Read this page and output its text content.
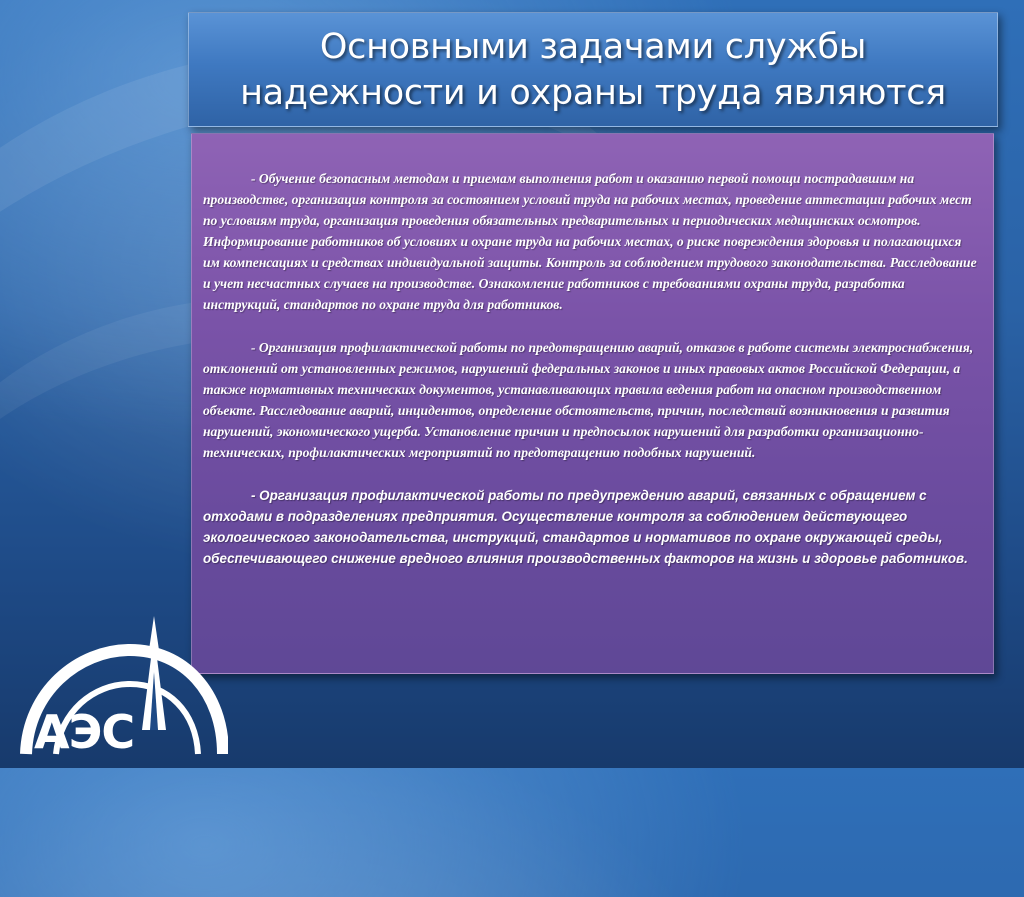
Основными задачами службы
надежности и охраны труда являются

- Обучение безопасным методам и приемам выполнения работ и оказанию первой помощи пострадавшим на производстве, организация контроля за состоянием условий труда на рабочих местах, проведение аттестации рабочих мест по условиям труда, организация проведения обязательных предварительных и периодических медицинских осмотров. Информирование работников об условиях и охране труда на рабочих местах, о риске повреждения здоровья и полагающихся им компенсациях и средствах индивидуальной защиты. Контроль за соблюдением трудового законодательства. Расследование и учет несчастных случаев на производстве. Ознакомление работников с требованиями охраны труда, разработка инструкций, стандартов по охране труда для работников.

- Организация профилактической работы по предотвращению аварий, отказов в работе системы электроснабжения, отклонений от установленных режимов, нарушений федеральных законов и иных правовых актов Российской Федерации, а также нормативных технических документов, устанавливающих правила ведения работ на опасном производственном объекте. Расследование аварий, инцидентов, определение обстоятельств, причин, последствий возникновения и развития нарушений, экономического ущерба. Установление причин и предпосылок нарушений для разработки организационно-технических, профилактических мероприятий по предотвращению подобных нарушений.

- Организация профилактической работы по предупреждению аварий, связанных с обращением с отходами в подразделениях предприятия. Осуществление контроля за соблюдением действующего экологического законодательства, инструкций, стандартов и нормативов по охране окружающей среды, обеспечивающего снижение вредного влияния производственных факторов на жизнь и здоровье работников.

АЭС
